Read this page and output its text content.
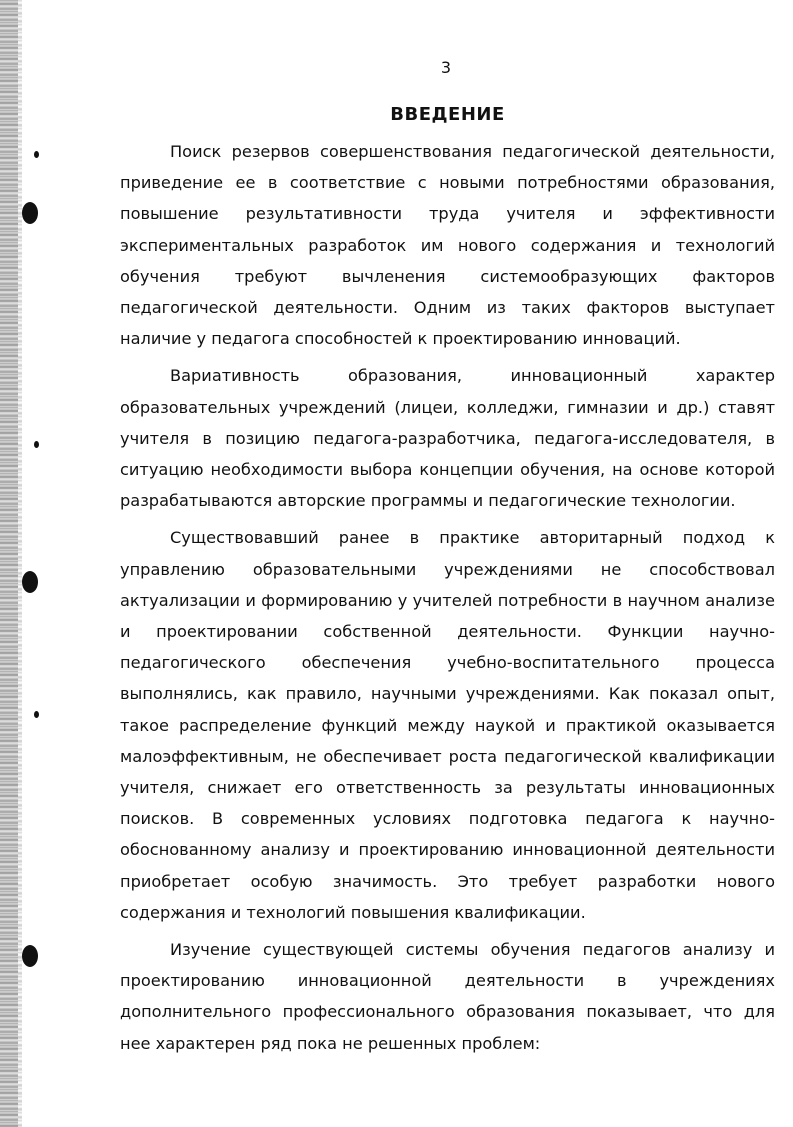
3
ВВЕДЕНИЕ

Поиск резервов совершенствования педагогической деятельности, приведение ее в соответствие с новыми потребностями образования, повышение результативности труда учителя и эффективности экспериментальных разработок им нового содержания и технологий обучения требуют вычленения системообразующих факторов педагогической деятельности. Одним из таких факторов выступает наличие у педагога способностей к проектированию инноваций.

Вариативность образования, инновационный характер образовательных учреждений (лицеи, колледжи, гимназии и др.) ставят учителя в позицию педагога-разработчика, педагога-исследователя, в ситуацию необходимости выбора концепции обучения, на основе которой разрабатываются авторские программы и педагогические технологии.

Существовавший ранее в практике авторитарный подход к управлению образовательными учреждениями не способствовал актуализации и формированию у учителей потребности в научном анализе и проектировании собственной деятельности. Функции научно-педагогического обеспечения учебно-воспитательного процесса выполнялись, как правило, научными учреждениями. Как показал опыт, такое распределение функций между наукой и практикой оказывается малоэффективным, не обеспечивает роста педагогической квалификации учителя, снижает его ответственность за результаты инновационных поисков. В современных условиях подготовка педагога к научно-обоснованному анализу и проектированию инновационной деятельности приобретает особую значимость. Это требует разработки нового содержания и технологий повышения квалификации.

Изучение существующей системы обучения педагогов анализу и проектированию инновационной деятельности в учреждениях дополнительного профессионального образования показывает, что для нее характерен ряд пока не решенных проблем:
